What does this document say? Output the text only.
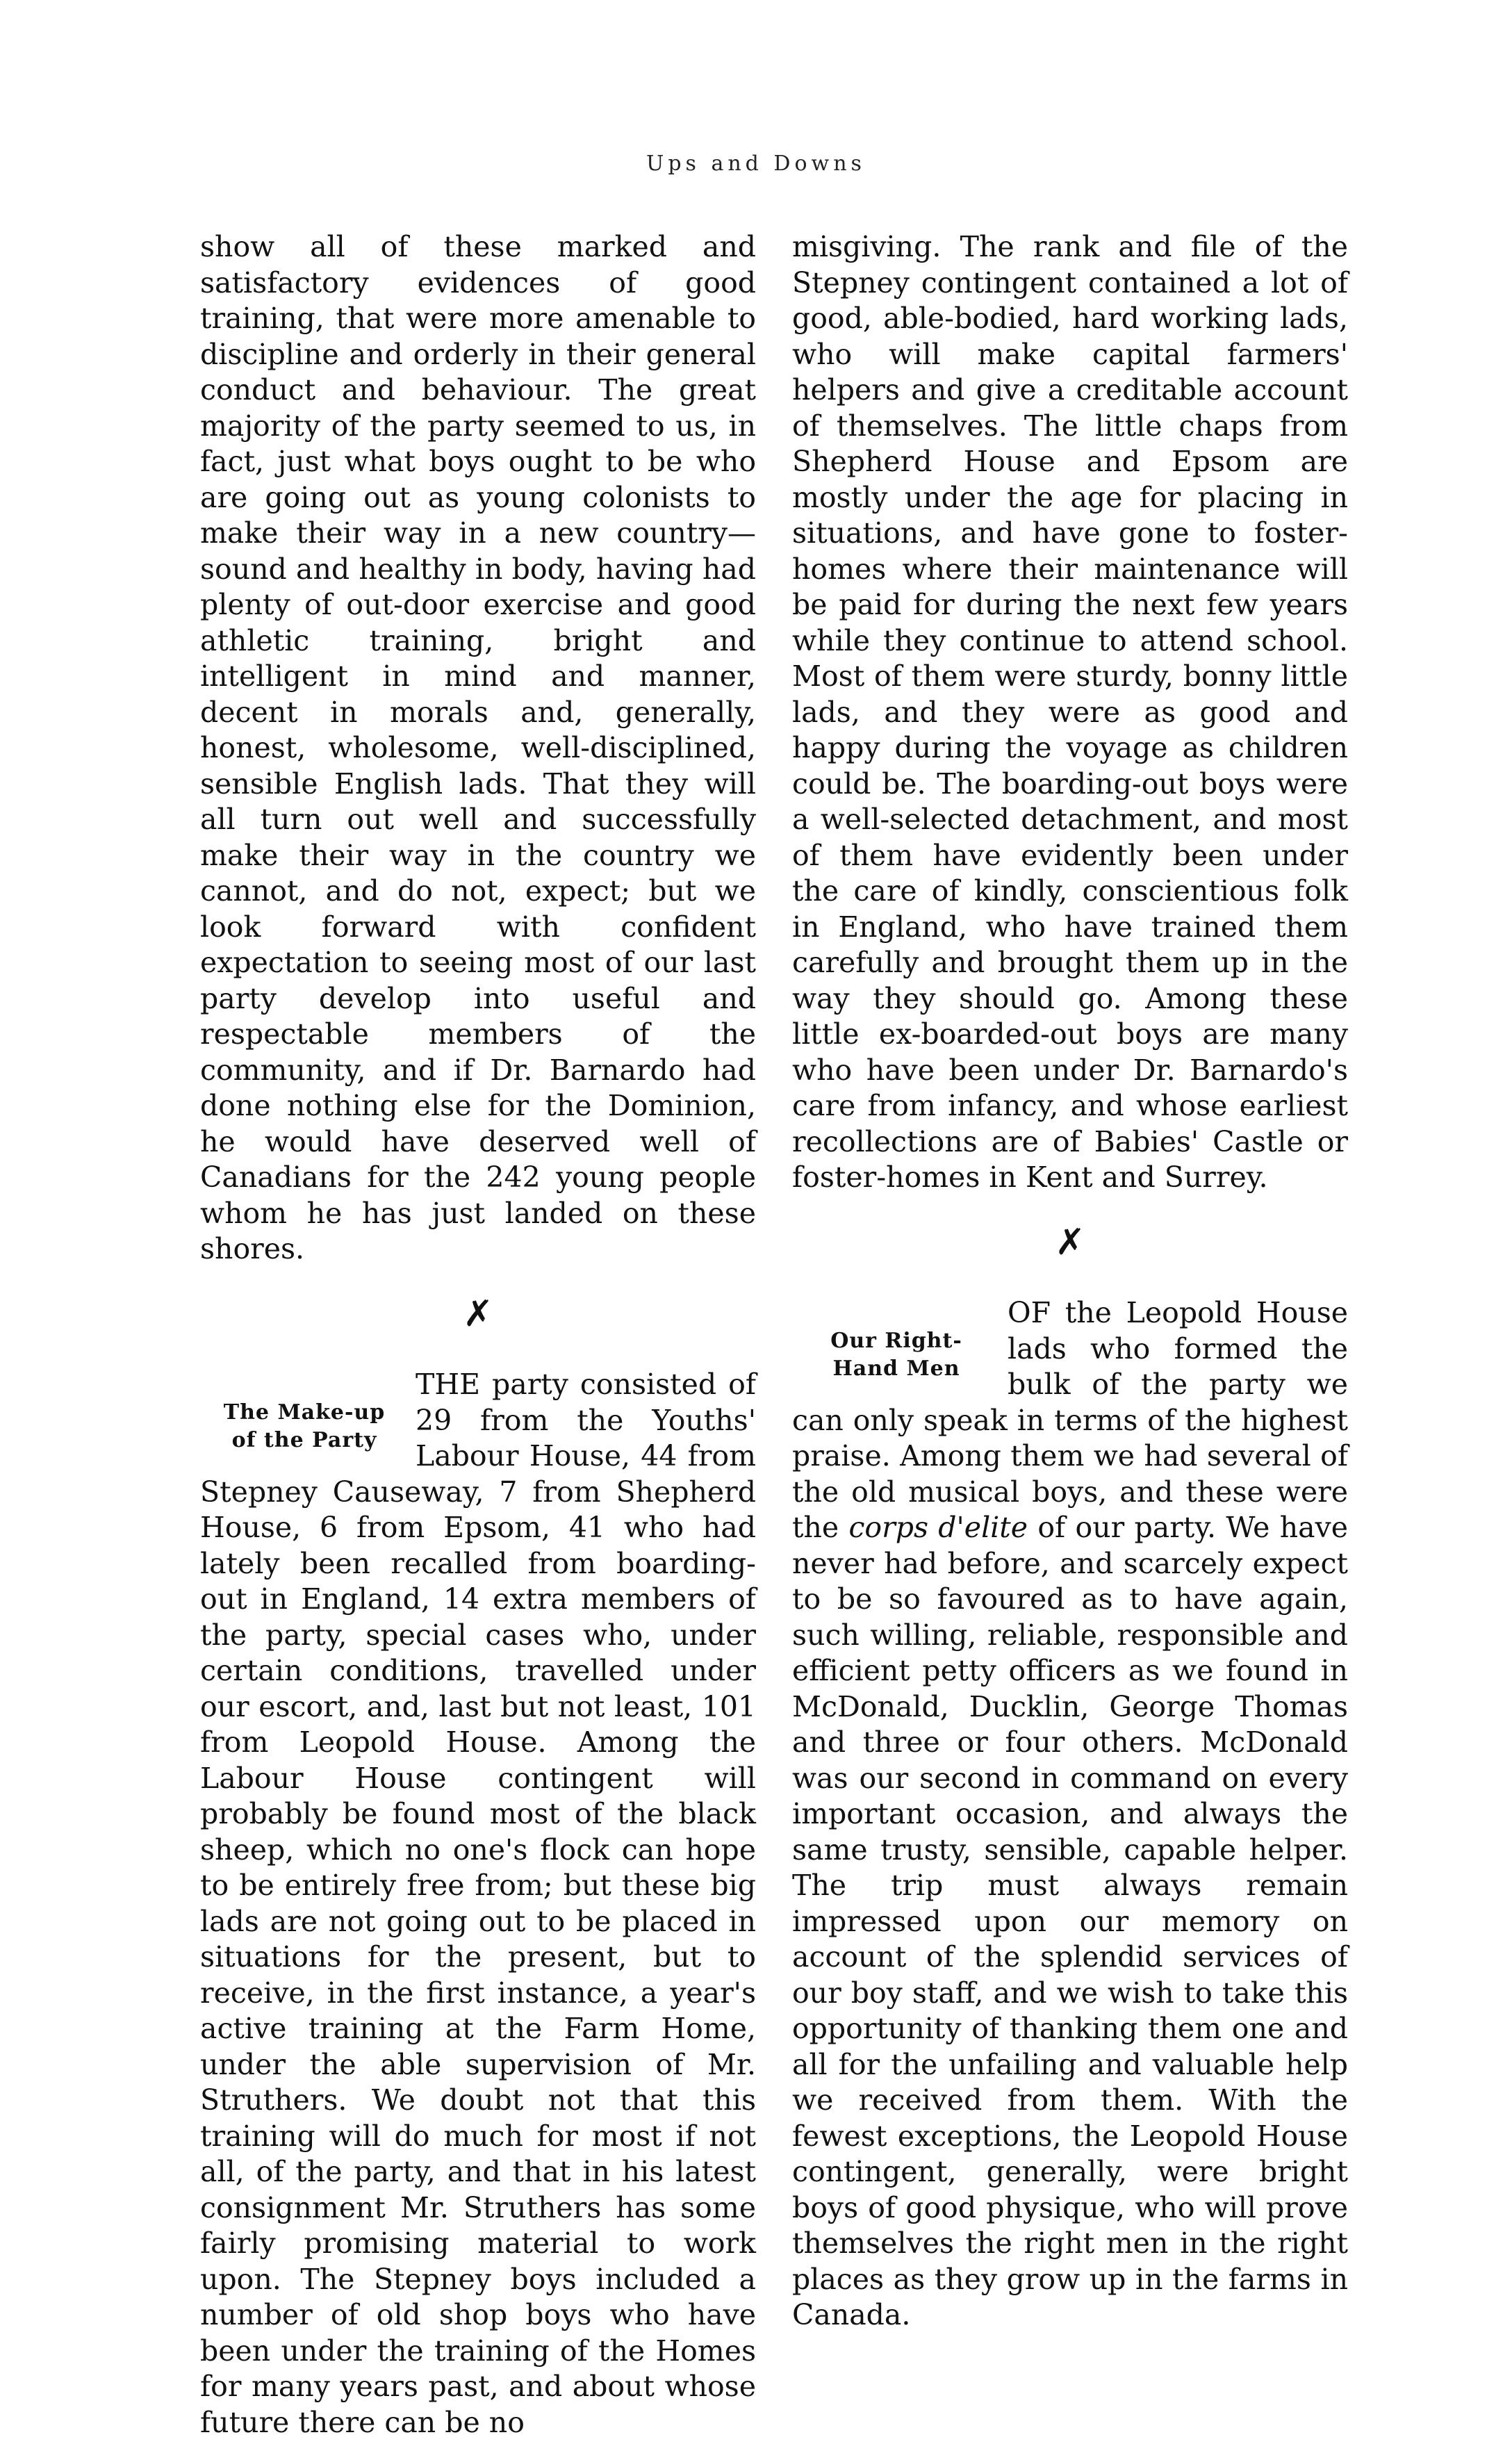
Ups and Downs

show all of these marked and satisfactory evidences of good training, that were more amenable to discipline and orderly in their general conduct and behaviour. The great majority of the party seemed to us, in fact, just what boys ought to be who are going out as young colonists to make their way in a new country—sound and healthy in body, having had plenty of out-door exercise and good athletic training, bright and intelligent in mind and manner, decent in morals and, generally, honest, wholesome, well-disciplined, sensible English lads. That they will all turn out well and successfully make their way in the country we cannot, and do not, expect; but we look forward with confident expectation to seeing most of our last party develop into useful and respectable members of the community, and if Dr. Barnardo had done nothing else for the Dominion, he would have deserved well of Canadians for the 242 young people whom he has just landed on these shores.

✗
The Make-up
of the Party

THE party consisted of 29 from the Youths' Labour House, 44 from Stepney Causeway, 7 from Shepherd House, 6 from Epsom, 41 who had lately been recalled from boarding-out in England, 14 extra members of the party, special cases who, under certain conditions, travelled under our escort, and, last but not least, 101 from Leopold House. Among the Labour House contingent will probably be found most of the black sheep, which no one's flock can hope to be entirely free from; but these big lads are not going out to be placed in situations for the present, but to receive, in the first instance, a year's active training at the Farm Home, under the able supervision of Mr. Struthers. We doubt not that this training will do much for most if not all, of the party, and that in his latest consignment Mr. Struthers has some fairly promising material to work upon. The Stepney boys included a number of old shop boys who have been under the training of the Homes for many years past, and about whose future there can be no

misgiving. The rank and file of the Stepney contingent contained a lot of good, able-bodied, hard working lads, who will make capital farmers' helpers and give a creditable account of themselves. The little chaps from Shepherd House and Epsom are mostly under the age for placing in situations, and have gone to foster-homes where their maintenance will be paid for during the next few years while they continue to attend school. Most of them were sturdy, bonny little lads, and they were as good and happy during the voyage as children could be. The boarding-out boys were a well-selected detachment, and most of them have evidently been under the care of kindly, conscientious folk in England, who have trained them carefully and brought them up in the way they should go. Among these little ex-boarded-out boys are many who have been under Dr. Barnardo's care from infancy, and whose earliest recollections are of Babies' Castle or foster-homes in Kent and Surrey.

✗
Our Right-
Hand Men

OF the Leopold House lads who formed the bulk of the party we can only speak in terms of the highest praise. Among them we had several of the old musical boys, and these were the corps d'elite of our party. We have never had before, and scarcely expect to be so favoured as to have again, such willing, reliable, responsible and efficient petty officers as we found in McDonald, Ducklin, George Thomas and three or four others. McDonald was our second in command on every important occasion, and always the same trusty, sensible, capable helper. The trip must always remain impressed upon our memory on account of the splendid services of our boy staff, and we wish to take this opportunity of thanking them one and all for the unfailing and valuable help we received from them. With the fewest exceptions, the Leopold House contingent, generally, were bright boys of good physique, who will prove themselves the right men in the right places as they grow up in the farms in Canada.
